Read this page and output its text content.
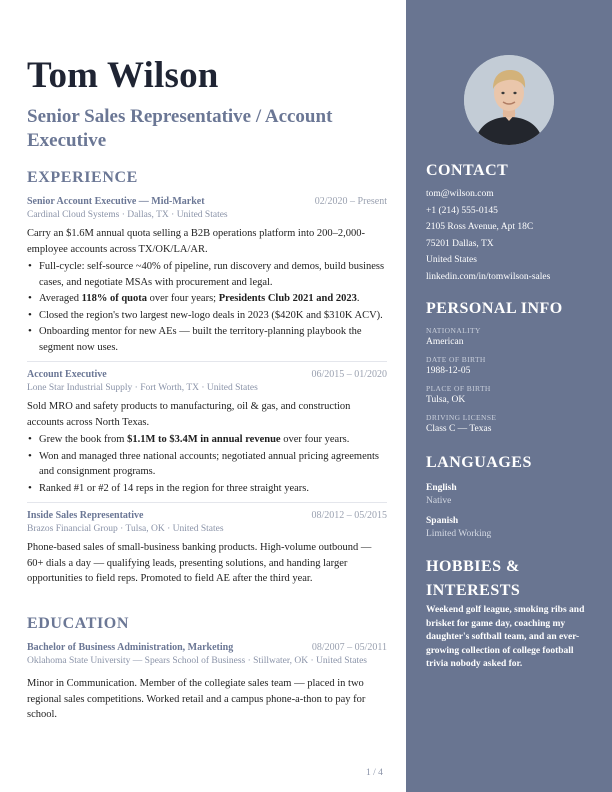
Tom Wilson
Senior Sales Representative / Account Executive
EXPERIENCE
Senior Account Executive — Mid-Market	02/2020 – Present
Cardinal Cloud Systems · Dallas, TX · United States

Carry an $1.6M annual quota selling a B2B operations platform into 200–2,000-employee accounts across TX/OK/LA/AR.

• Full-cycle: self-source ~40% of pipeline, run discovery and demos, build business cases, and negotiate MSAs with procurement and legal.
• Averaged 118% of quota over four years; Presidents Club 2021 and 2023.
• Closed the region's two largest new-logo deals in 2023 ($420K and $310K ACV).
• Onboarding mentor for new AEs — built the territory-planning playbook the segment now uses.
Account Executive	06/2015 – 01/2020
Lone Star Industrial Supply · Fort Worth, TX · United States

Sold MRO and safety products to manufacturing, oil & gas, and construction accounts across North Texas.

• Grew the book from $1.1M to $3.4M in annual revenue over four years.
• Won and managed three national accounts; negotiated annual pricing agreements and consignment programs.
• Ranked #1 or #2 of 14 reps in the region for three straight years.
Inside Sales Representative	08/2012 – 05/2015
Brazos Financial Group · Tulsa, OK · United States

Phone-based sales of small-business banking products. High-volume outbound — 60+ dials a day — qualifying leads, presenting solutions, and handing larger opportunities to field reps. Promoted to field AE after the third year.

EDUCATION
Bachelor of Business Administration, Marketing	08/2007 – 05/2011
Oklahoma State University — Spears School of Business · Stillwater, OK · United States

Minor in Communication. Member of the collegiate sales team — placed in two regional sales competitions. Worked retail and a campus phone-a-thon to pay for school.

1 / 4
CONTACT
tom@wilson.com
+1 (214) 555-0145
2105 Ross Avenue, Apt 18C
75201 Dallas, TX
United States
linkedin.com/in/tomwilson-sales
PERSONAL INFO
NATIONALITY
American
DATE OF BIRTH
1988-12-05
PLACE OF BIRTH
Tulsa, OK
DRIVING LICENSE
Class C — Texas
LANGUAGES
English
Native
Spanish
Limited Working
HOBBIES & INTERESTS
Weekend golf league, smoking ribs and brisket for game day, coaching my daughter's softball team, and an ever-growing collection of college football trivia nobody asked for.
